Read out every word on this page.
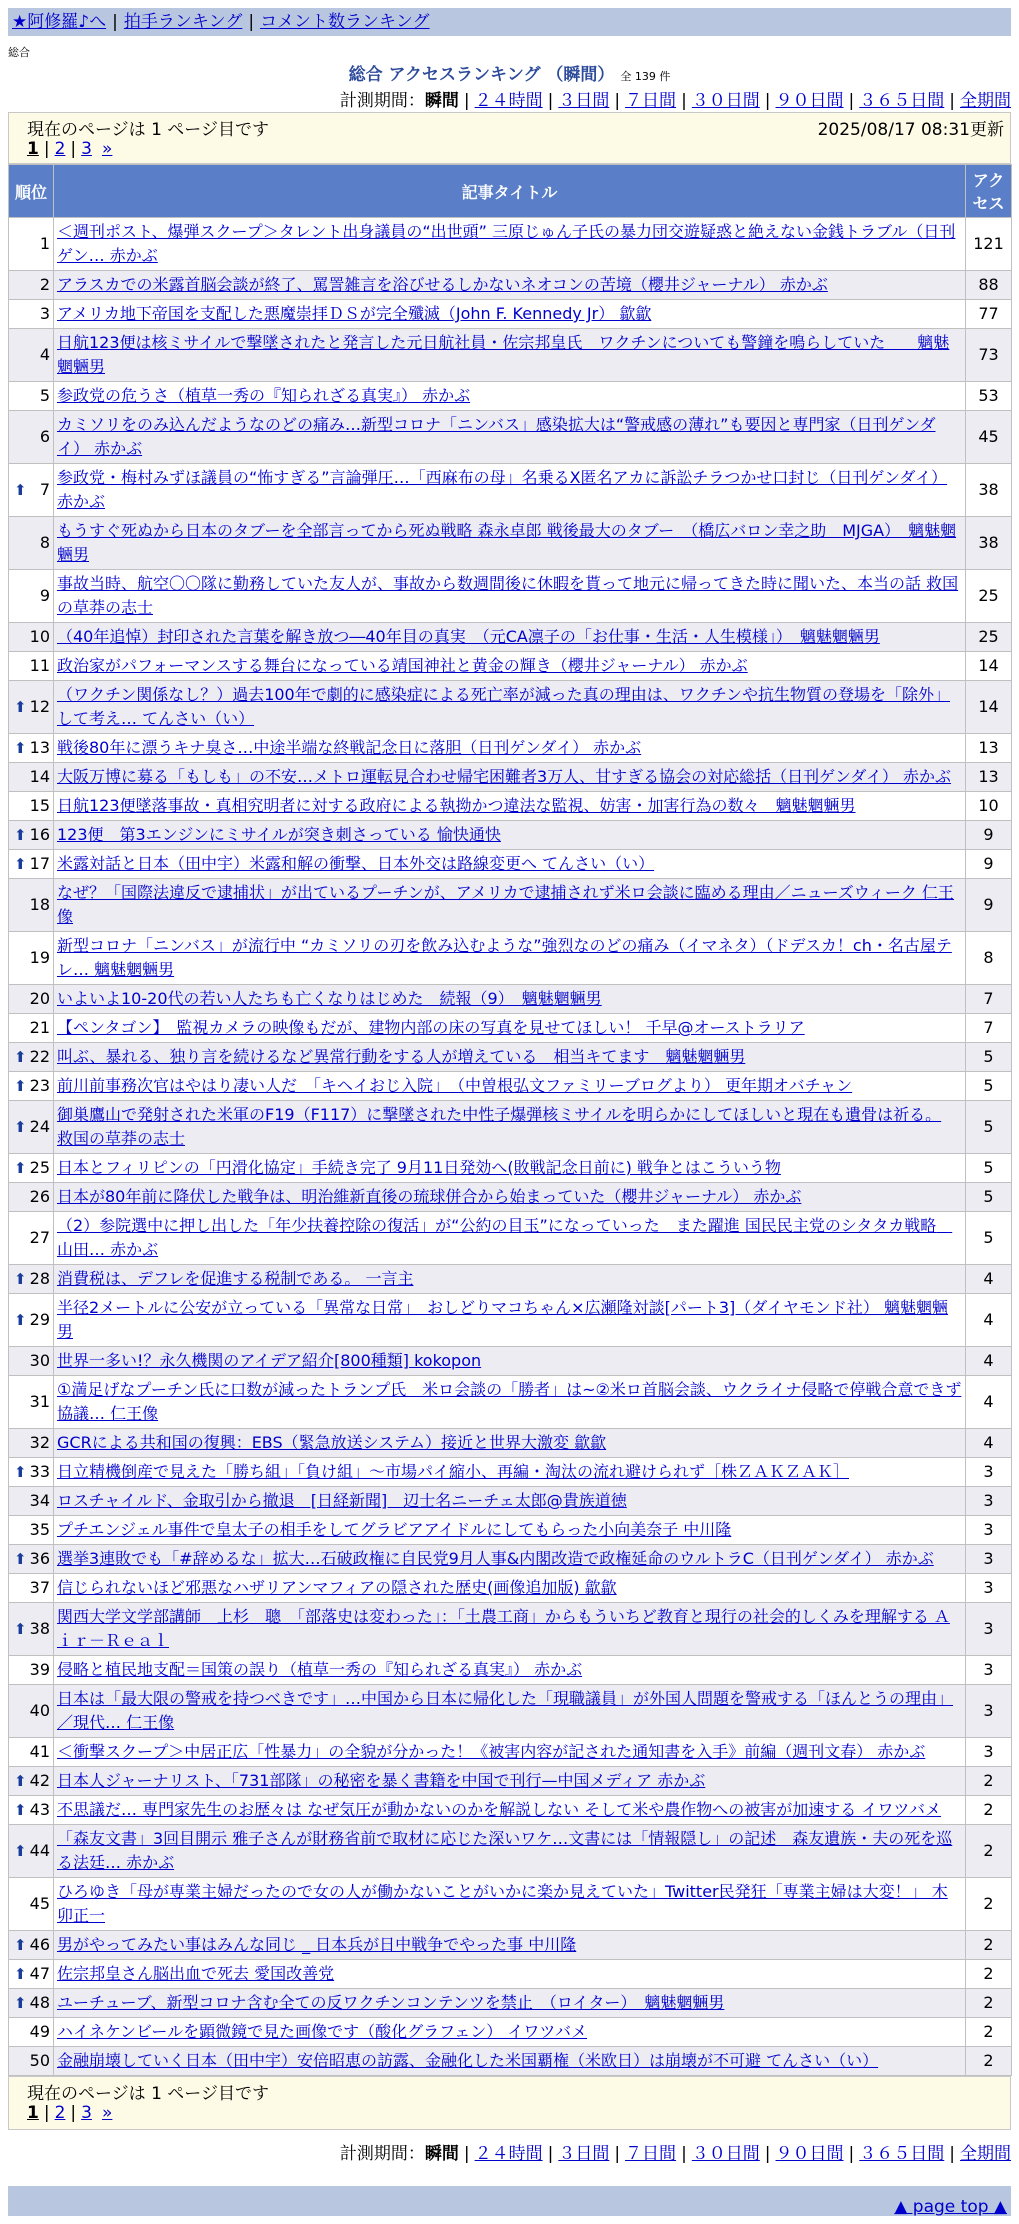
★阿修羅♪へ | 拍手ランキング | コメント数ランキング
総合
総合 アクセスランキング （瞬間） 全 139 件
計測期間：瞬間 | ２４時間 | ３日間 | ７日間 | ３０日間 | ９０日間 | ３６５日間 | 全期間
現在のページは 1 ページ目です	2025/08/17 08:31更新
1 | 2 | 3 »
順位	記事タイトル	アクセス
1	＜週刊ポスト、爆弾スクープ＞タレント出身議員の“出世頭” 三原じゅん子氏の暴力団交遊疑惑と絶えない金銭トラブル（日刊ゲン… 赤かぶ	121
2	アラスカでの米露首脳会談が終了、罵詈雑言を浴びせるしかないネオコンの苦境（櫻井ジャーナル） 赤かぶ	88
3	アメリカ地下帝国を支配した悪魔崇拝ＤＳが完全殲滅（John F. Kennedy Jr） 歙歙	77
4	日航123便は核ミサイルで撃墜されたと発言した元日航社員・佐宗邦皇氏　ワクチンについても警鐘を鳴らしていた　　魑魅魍魎男	73
5	参政党の危うさ（植草一秀の『知られざる真実』） 赤かぶ	53
6	カミソリをのみ込んだようなのどの痛み…新型コロナ「ニンバス」感染拡大は“警戒感の薄れ”も要因と専門家（日刊ゲンダイ） 赤かぶ	45

⬆ 7	参政党・梅村みずほ議員の“怖すぎる”言論弾圧…「西麻布の母」名乗るX匿名アカに訴訟チラつかせ口封じ（日刊ゲンダイ） 赤かぶ	38
8	もうすぐ死ぬから日本のタブーを全部言ってから死ぬ戦略 森永卓郎 戦後最大のタブー　（橋広バロン幸之助　MJGA）　魑魅魍魎男	38
9	事故当時、航空〇〇隊に勤務していた友人が、事故から数週間後に休暇を貰って地元に帰ってきた時に聞いた、本当の話 救国の草莽の志士	25
10	（40年追悼）封印された言葉を解き放つ―40年目の真実　（元CA凛子の「お仕事・生活・人生模様」）　魑魅魍魎男	25
11	政治家がパフォーマンスする舞台になっている靖国神社と黄金の輝き（櫻井ジャーナル） 赤かぶ	14

⬆ 12	（ワクチン関係なし？）過去100年で劇的に感染症による死亡率が減った真の理由は、ワクチンや抗生物質の登場を「除外」して考え… てんさい（い）	14

⬆ 13	戦後80年に漂うキナ臭さ…中途半端な終戦記念日に落胆（日刊ゲンダイ） 赤かぶ	13
14	大阪万博に募る「もしも」の不安…メトロ運転見合わせ帰宅困難者3万人、甘すぎる協会の対応総括（日刊ゲンダイ） 赤かぶ	13
15	日航123便墜落事故・真相究明者に対する政府による執拗かつ違法な監視、妨害・加害行為の数々　魑魅魍魎男	10

⬆ 16	123便　第3エンジンにミサイルが突き刺さっている 愉快通快	9

⬆ 17	米露対話と日本（田中宇）米露和解の衝撃、日本外交は路線変更へ てんさい（い）	9
18	なぜ？「国際法違反で逮捕状」が出ているプーチンが、アメリカで逮捕されず米ロ会談に臨める理由／ニューズウィーク 仁王像	9
19	新型コロナ「ニンバス」が流行中 “カミソリの刃を飲み込むような”強烈なのどの痛み（イマネタ）（ドデスカ！ch・名古屋テレ… 魑魅魍魎男	8
20	いよいよ10-20代の若い人たちも亡くなりはじめた　続報（9）　魑魅魍魎男	7
21	【ペンタゴン】　監視カメラの映像もだが、建物内部の床の写真を見せてほしい！ 千早@オーストラリア	7

⬆ 22	叫ぶ、暴れる、独り言を続けるなど異常行動をする人が増えている　相当キてます　魑魅魍魎男	5

⬆ 23	前川前事務次官はやはり凄い人だ　「キヘイおじ入院」　（中曽根弘文ファミリーブログより） 更年期オバチャン	5

⬆ 24	御巣鷹山で発射された米軍のF19（F117）に撃墜された中性子爆弾核ミサイルを明らかにしてほしいと現在も遺骨は祈る。 救国の草莽の志士	5

⬆ 25	日本とフィリピンの「円滑化協定」手続き完了 9月11日発効へ(敗戦記念日前に) 戦争とはこういう物	5
26	日本が80年前に降伏した戦争は、明治維新直後の琉球併合から始まっていた（櫻井ジャーナル） 赤かぶ	5
27	（2）参院選中に押し出した「年少扶養控除の復活」が“公約の目玉”になっていった　また躍進 国民民主党のシタタカ戦略　山田… 赤かぶ	5

⬆ 28	消費税は、デフレを促進する税制である。 一言主	4

⬆ 29	半径2メートルに公安が立っている「異常な日常」　おしどりマコちゃん×広瀬隆対談[パート3]（ダイヤモンド社） 魑魅魍魎男	4
30	世界一多い!？永久機関のアイデア紹介[800種類] kokopon	4
31	①満足げなプーチン氏に口数が減ったトランプ氏　米ロ会談の「勝者」は~②米ロ首脳会談、ウクライナ侵略で停戦合意できず協議… 仁王像	4
32	GCRによる共和国の復興：EBS（緊急放送システム）接近と世界大激変 歙歙	4

⬆ 33	日立精機倒産で見えた「勝ち組」「負け組」～市場パイ縮小、再編・淘汰の流れ避けられず［株ＺＡＫＺＡＫ］	3
34	ロスチャイルド、金取引から撤退　[日経新聞]　辺士名ニーチェ太郎@貴族道徳	3
35	プチエンジェル事件で皇太子の相手をしてグラビアアイドルにしてもらった小向美奈子 中川隆	3

⬆ 36	選挙3連敗でも「#辞めるな」拡大…石破政権に自民党9月人事&内閣改造で政権延命のウルトラC（日刊ゲンダイ） 赤かぶ	3
37	信じられないほど邪悪なハザリアンマフィアの隠された歴史(画像追加版) 歙歙	3

⬆ 38	関西大学文学部講師　上杉　聰　「部落史は変わった」：「土農工商」からもういちど教育と現行の社会的しくみを理解する Ａｉｒ－Ｒｅａｌ	3
39	侵略と植民地支配＝国策の誤り（植草一秀の『知られざる真実』） 赤かぶ	3
40	日本は「最大限の警戒を持つべきです」…中国から日本に帰化した「現職議員」が外国人問題を警戒する「ほんとうの理由」／現代… 仁王像	3
41	＜衝撃スクープ＞中居正広「性暴力」の全貌が分かった！《被害内容が記された通知書を入手》前編（週刊文春） 赤かぶ	3

⬆ 42	日本人ジャーナリスト、「731部隊」の秘密を暴く書籍を中国で刊行—中国メディア 赤かぶ	2

⬆ 43	不思議だ… 専門家先生のお歴々は なぜ気圧が動かないのかを解説しない そして米や農作物への被害が加速する イワツバメ	2

⬆ 44	「森友文書」3回目開示 雅子さんが財務省前で取材に応じた深いワケ…文書には「情報隠し」の記述　森友遺族・夫の死を巡る法廷… 赤かぶ	2
45	ひろゆき「母が専業主婦だったので女の人が働かないことがいかに楽か見えていた」Twitter民発狂「専業主婦は大変！」 木卯正一	2

⬆ 46	男がやってみたい事はみんな同じ _ 日本兵が日中戦争でやった事 中川隆	2

⬆ 47	佐宗邦皇さん脳出血で死去 愛国改善党	2

⬆ 48	ユーチューブ、新型コロナ含む全ての反ワクチンコンテンツを禁止　（ロイター）　魑魅魍魎男	2
49	ハイネケンビールを顕微鏡で見た画像です（酸化グラフェン） イワツバメ	2
50	金融崩壊していく日本（田中宇）安倍昭恵の訪露、金融化した米国覇権（米欧日）は崩壊が不可避 てんさい（い）	2
現在のページは 1 ページ目です
1 | 2 | 3 »
計測期間：瞬間 | ２４時間 | ３日間 | ７日間 | ３０日間 | ９０日間 | ３６５日間 | 全期間
▲ page top ▲
